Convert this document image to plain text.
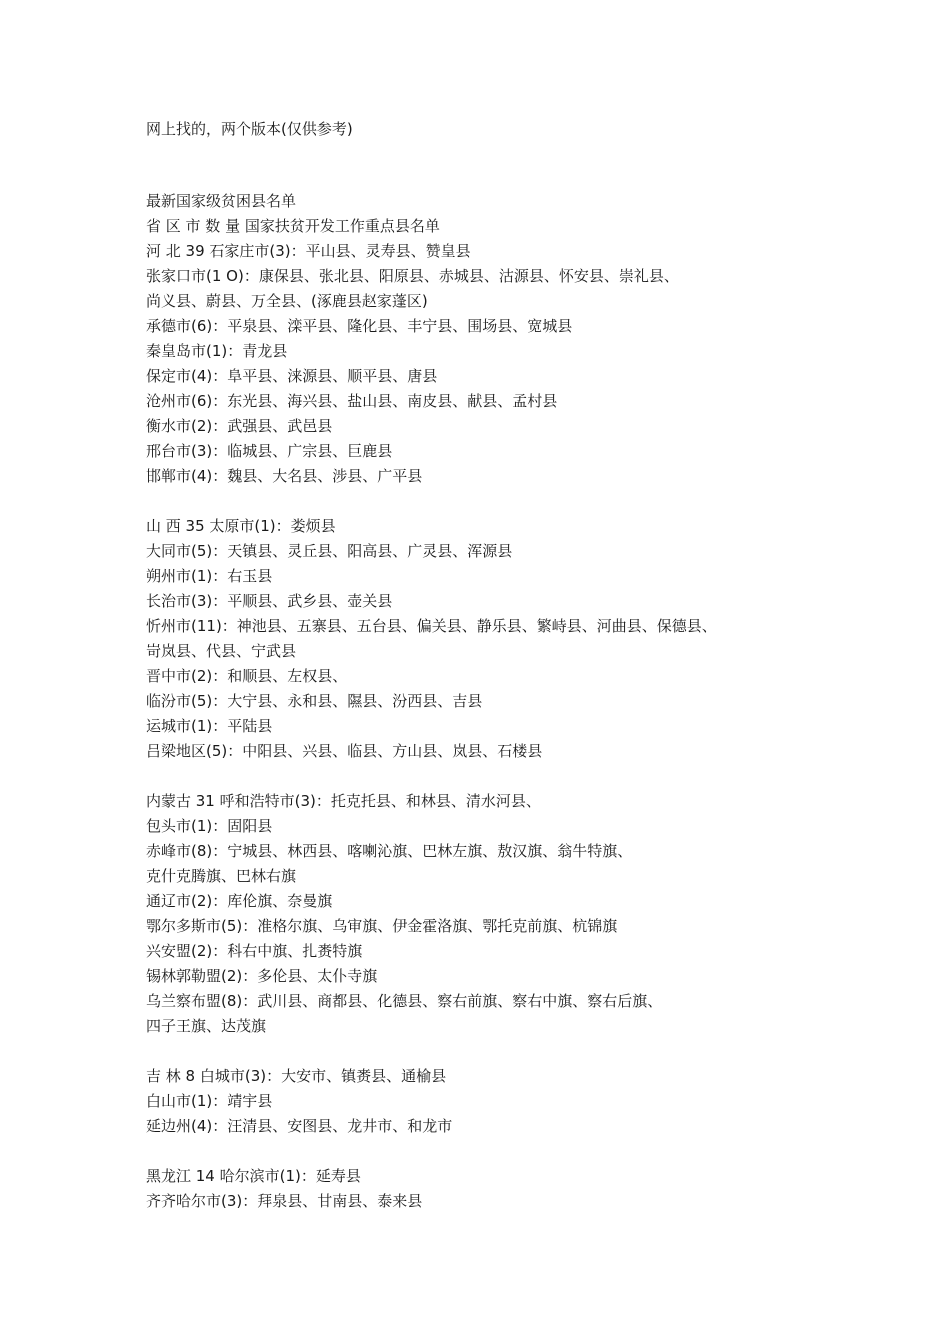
网上找的，两个版本(仅供参考)
最新国家级贫困县名单
省 区 市 数 量 国家扶贫开发工作重点县名单
河 北 39 石家庄市(3)：平山县、灵寿县、赞皇县
张家口市(1 O)：康保县、张北县、阳原县、赤城县、沽源县、怀安县、崇礼县、
尚义县、蔚县、万全县、(涿鹿县赵家蓬区)
承德市(6)：平泉县、滦平县、隆化县、丰宁县、围场县、宽城县
秦皇岛市(1)：青龙县
保定市(4)：阜平县、涞源县、顺平县、唐县
沧州市(6)：东光县、海兴县、盐山县、南皮县、献县、孟村县
衡水市(2)：武强县、武邑县
邢台市(3)：临城县、广宗县、巨鹿县
邯郸市(4)：魏县、大名县、涉县、广平县
山 西 35 太原市(1)：娄烦县
大同市(5)：天镇县、灵丘县、阳高县、广灵县、浑源县
朔州市(1)：右玉县
长治市(3)：平顺县、武乡县、壶关县
忻州市(11)：神池县、五寨县、五台县、偏关县、静乐县、繁峙县、河曲县、保德县、
岢岚县、代县、宁武县
晋中市(2)：和顺县、左权县、
临汾市(5)：大宁县、永和县、隰县、汾西县、吉县
运城市(1)：平陆县
吕梁地区(5)：中阳县、兴县、临县、方山县、岚县、石楼县
内蒙古 31 呼和浩特市(3)：托克托县、和林县、清水河县、
包头市(1)：固阳县
赤峰市(8)：宁城县、林西县、喀喇沁旗、巴林左旗、敖汉旗、翁牛特旗、
克什克腾旗、巴林右旗
通辽市(2)：库伦旗、奈曼旗
鄂尔多斯市(5)：准格尔旗、乌审旗、伊金霍洛旗、鄂托克前旗、杭锦旗
兴安盟(2)：科右中旗、扎赉特旗
锡林郭勒盟(2)：多伦县、太仆寺旗
乌兰察布盟(8)：武川县、商都县、化德县、察右前旗、察右中旗、察右后旗、
四子王旗、达茂旗
吉 林 8 白城市(3)：大安市、镇赉县、通榆县
白山市(1)：靖宇县
延边州(4)：汪清县、安图县、龙井市、和龙市
黑龙江 14 哈尔滨市(1)：延寿县
齐齐哈尔市(3)：拜泉县、甘南县、泰来县
